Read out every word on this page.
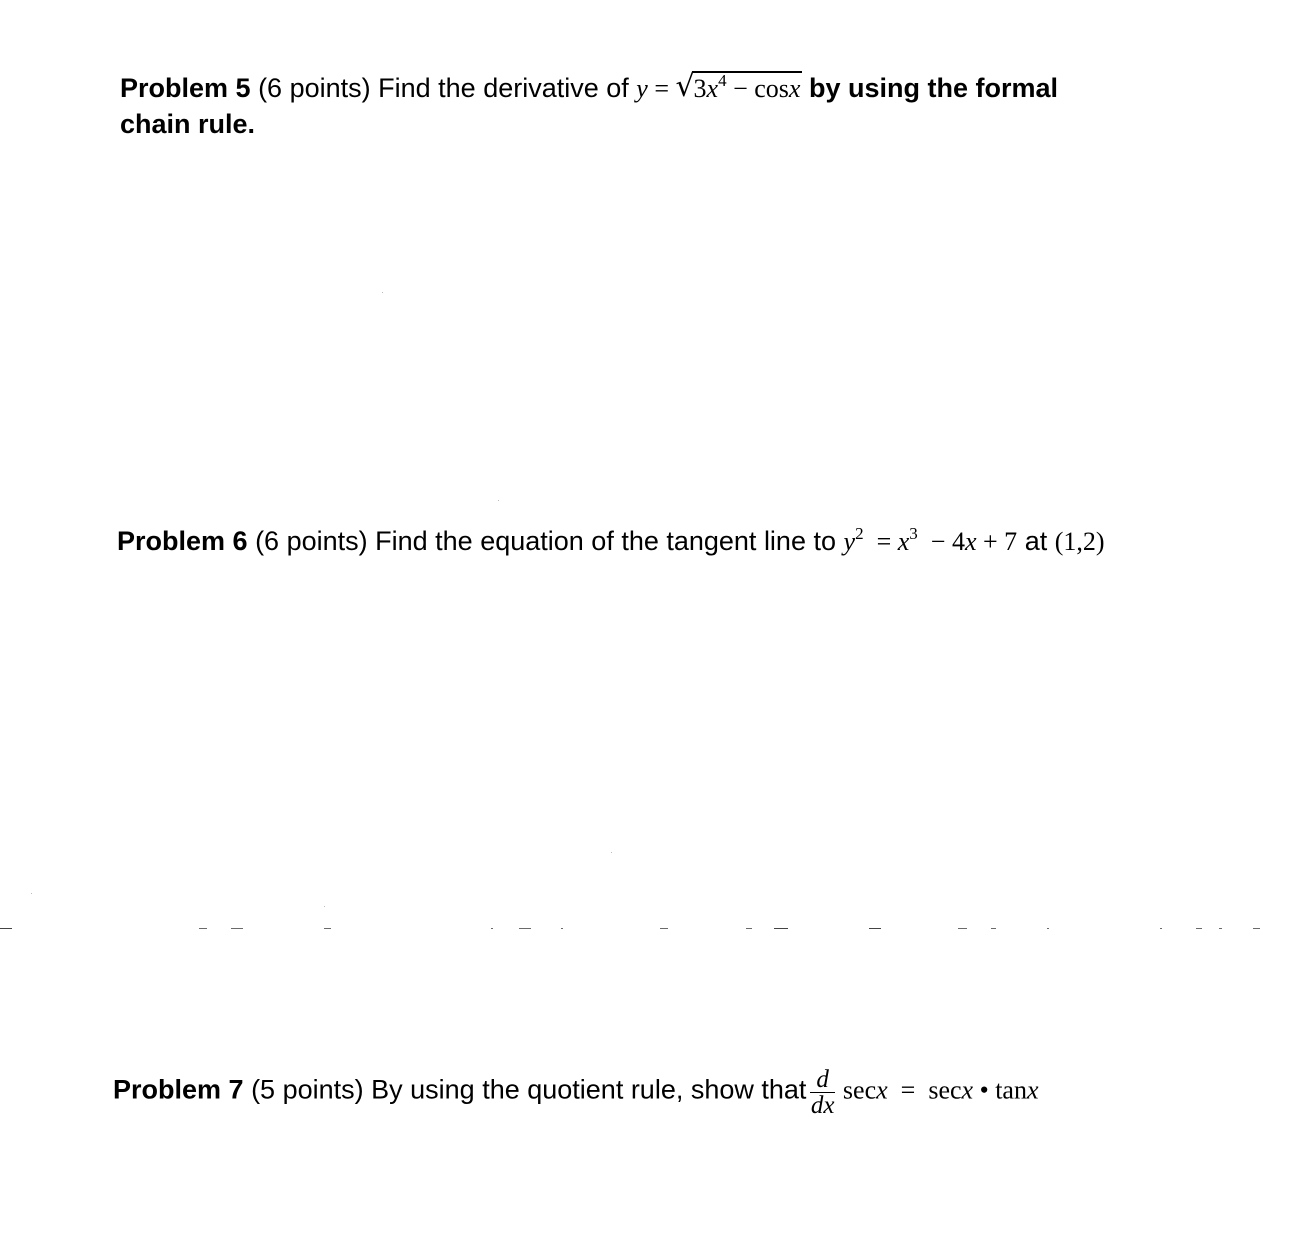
Problem 5 (6 points) Find the derivative of y = √
$3x^4 - \cos x$ by using the formal
chain rule.
Problem 6 (6 points) Find the equation of the tangent line to $y^2 = x^3 - 4x + 7$ at (1,2)
Problem 7 (5 points) By using the quotient rule, show that $\frac{d}{dx}$ secx = secx • tanx
